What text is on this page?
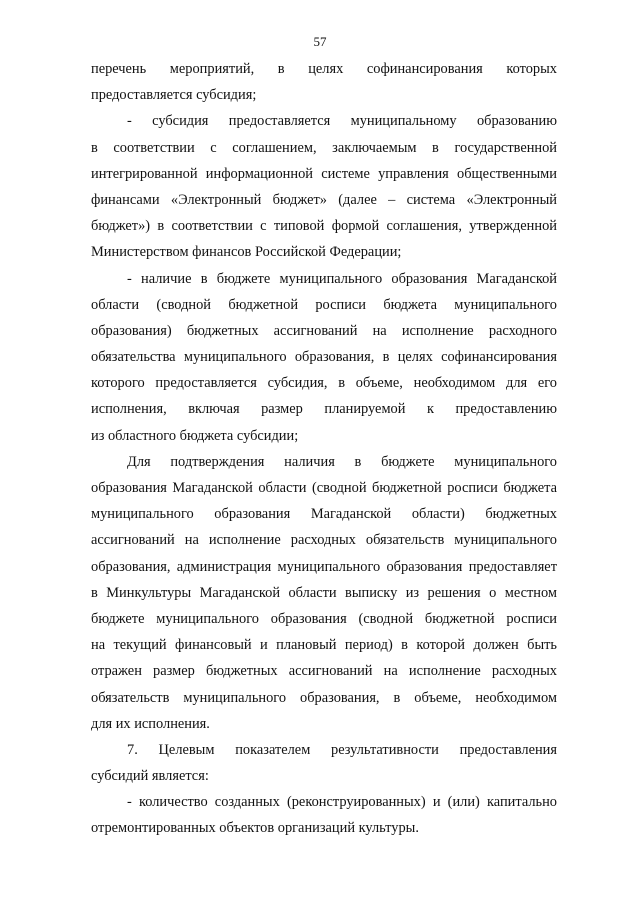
57
перечень мероприятий, в целях софинансирования которых
предоставляется субсидия;
- субсидия предоставляется муниципальному образованию
в соответствии с соглашением, заключаемым в государственной
интегрированной информационной системе управления общественными
финансами «Электронный бюджет» (далее – система «Электронный
бюджет») в соответствии с типовой формой соглашения, утвержденной
Министерством финансов Российской Федерации;
- наличие в бюджете муниципального образования Магаданской
области (сводной бюджетной росписи бюджета муниципального
образования) бюджетных ассигнований на исполнение расходного
обязательства муниципального образования, в целях софинансирования
которого предоставляется субсидия, в объеме, необходимом для его
исполнения, включая размер планируемой к предоставлению
из областного бюджета субсидии;
Для подтверждения наличия в бюджете муниципального
образования Магаданской области (сводной бюджетной росписи бюджета
муниципального образования Магаданской области) бюджетных
ассигнований на исполнение расходных обязательств муниципального
образования, администрация муниципального образования предоставляет
в Минкультуры Магаданской области выписку из решения о местном
бюджете муниципального образования (сводной бюджетной росписи
на текущий финансовый и плановый период) в которой должен быть
отражен размер бюджетных ассигнований на исполнение расходных
обязательств муниципального образования, в объеме, необходимом
для их исполнения.
7. Целевым показателем результативности предоставления
субсидий является:
- количество созданных (реконструированных) и (или) капитально
отремонтированных объектов организаций культуры.
